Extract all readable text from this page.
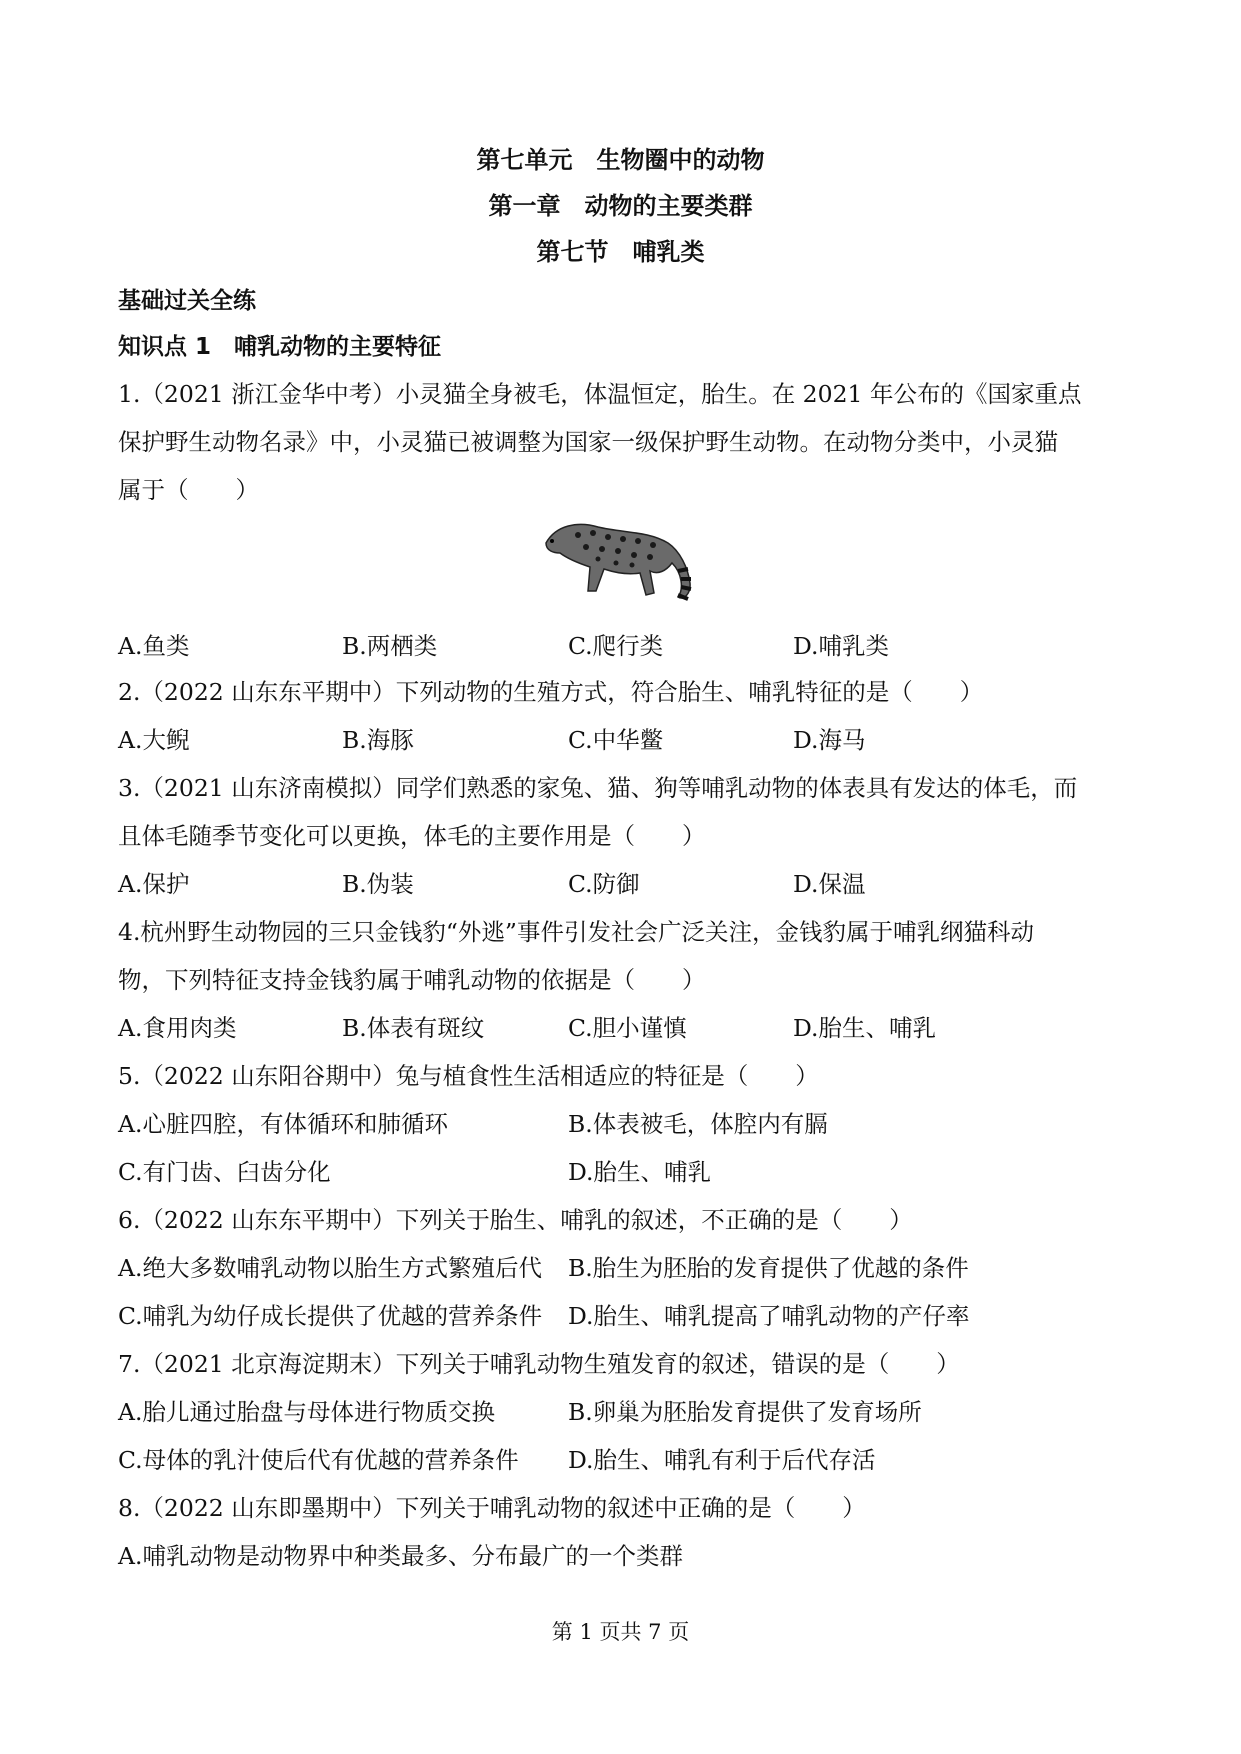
第七单元　生物圈中的动物
第一章　动物的主要类群
第七节　哺乳类
基础过关全练
知识点 1　哺乳动物的主要特征
1.（2021 浙江金华中考）小灵猫全身被毛，体温恒定，胎生。在 2021 年公布的《国家重点
保护野生动物名录》中，小灵猫已被调整为国家一级保护野生动物。在动物分类中，小灵猫
属于（　　）
A.鱼类	B.两栖类	C.爬行类	D.哺乳类
2.（2022 山东东平期中）下列动物的生殖方式，符合胎生、哺乳特征的是（　　）
A.大鲵	B.海豚	C.中华鳖	D.海马
3.（2021 山东济南模拟）同学们熟悉的家兔、猫、狗等哺乳动物的体表具有发达的体毛，而
且体毛随季节变化可以更换，体毛的主要作用是（　　）
A.保护	B.伪装	C.防御	D.保温
4.杭州野生动物园的三只金钱豹“外逃”事件引发社会广泛关注，金钱豹属于哺乳纲猫科动
物，下列特征支持金钱豹属于哺乳动物的依据是（　　）
A.食用肉类	B.体表有斑纹	C.胆小谨慎	D.胎生、哺乳
5.（2022 山东阳谷期中）兔与植食性生活相适应的特征是（　　）
A.心脏四腔，有体循环和肺循环	B.体表被毛，体腔内有膈
C.有门齿、臼齿分化	D.胎生、哺乳
6.（2022 山东东平期中）下列关于胎生、哺乳的叙述，不正确的是（　　）
A.绝大多数哺乳动物以胎生方式繁殖后代 B.胎生为胚胎的发育提供了优越的条件
C.哺乳为幼仔成长提供了优越的营养条件 D.胎生、哺乳提高了哺乳动物的产仔率
7.（2021 北京海淀期末）下列关于哺乳动物生殖发育的叙述，错误的是（　　）
A.胎儿通过胎盘与母体进行物质交换	B.卵巢为胚胎发育提供了发育场所
C.母体的乳汁使后代有优越的营养条件 D.胎生、哺乳有利于后代存活
8.（2022 山东即墨期中）下列关于哺乳动物的叙述中正确的是（　　）
A.哺乳动物是动物界中种类最多、分布最广的一个类群
第 1 页共 7 页
